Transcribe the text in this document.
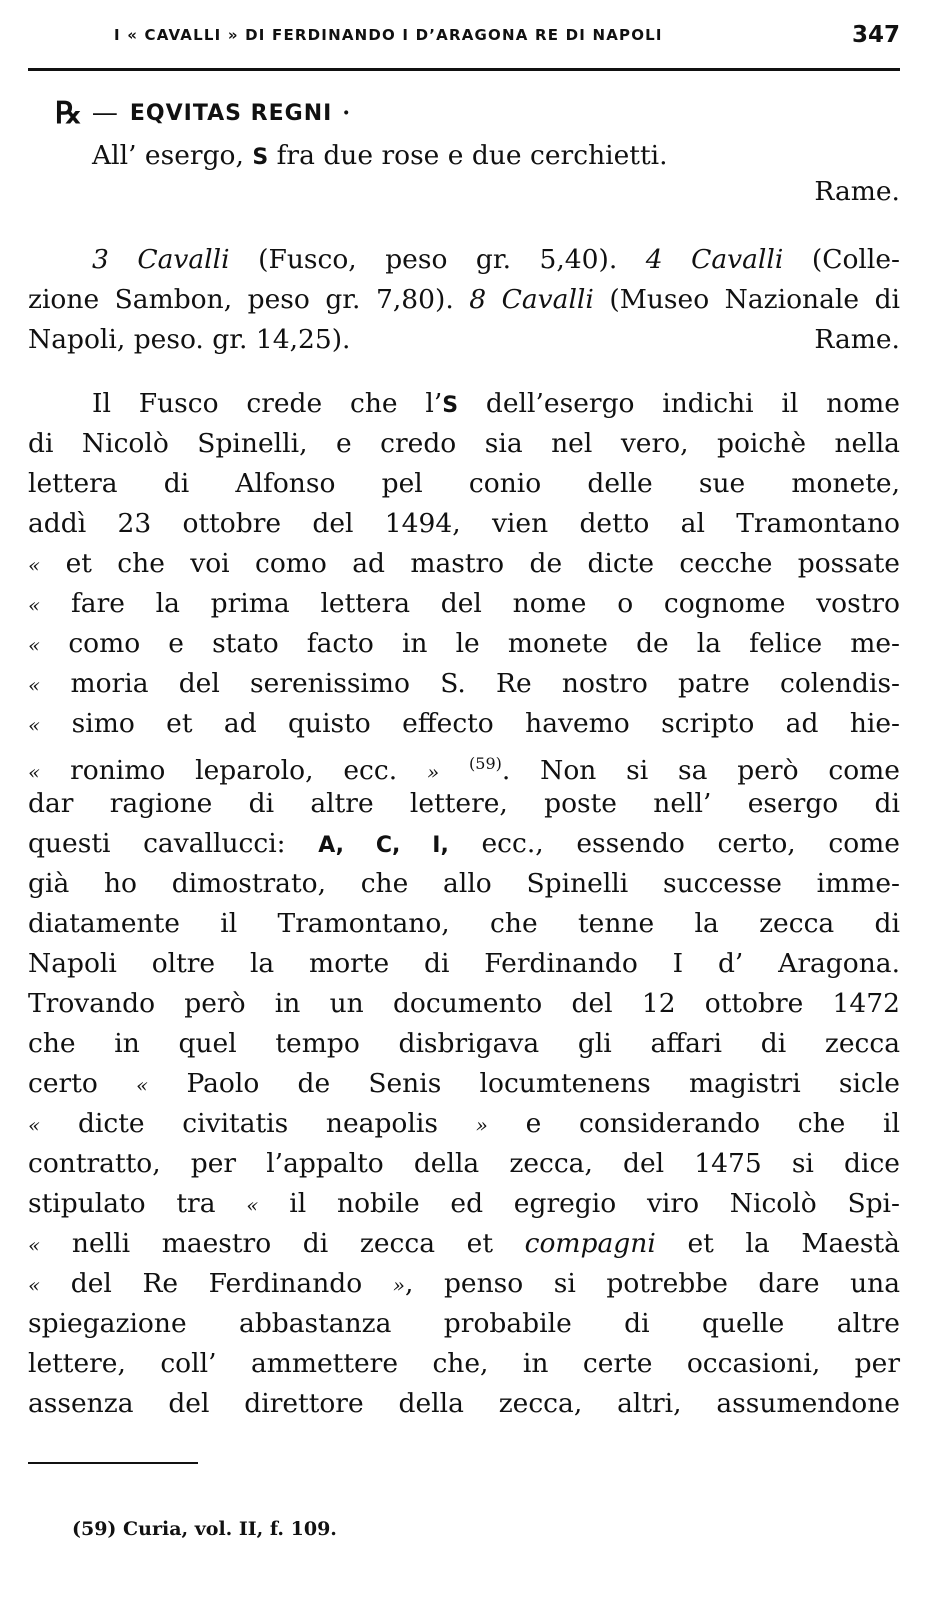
I « CAVALLI » DI FERDINANDO I D’ARAGONA RE DI NAPOLI	347
℞ — EQVITAS REGNI ·

All’ esergo, S fra due rose e due cerchietti.

Rame.

3 Cavalli (Fusco, peso gr. 5,40). 4 Cavalli (Colle-

zione Sambon, peso gr. 7,80). 8 Cavalli (Museo Nazionale di

Napoli, peso. gr. 14,25).	Rame.

Il Fusco crede che l’S dell’esergo indichi il nome

di Nicolò Spinelli, e credo sia nel vero, poichè nella

lettera di Alfonso pel conio delle sue monete,

addì 23 ottobre del 1494, vien detto al Tramontano

« et che voi como ad mastro de dicte cecche possate

« fare la prima lettera del nome o cognome vostro

« como e stato facto in le monete de la felice me-

« moria del serenissimo S. Re nostro patre colendis-

« simo et ad quisto effecto havemo scripto ad hie-

« ronimo leparolo, ecc. » $^{(59)}$. Non si sa però come

dar ragione di altre lettere, poste nell’ esergo di

questi cavallucci: A, C, I, ecc., essendo certo, come

già ho dimostrato, che allo Spinelli successe imme-

diatamente il Tramontano, che tenne la zecca di

Napoli oltre la morte di Ferdinando I d’ Aragona.

Trovando però in un documento del 12 ottobre 1472

che in quel tempo disbrigava gli affari di zecca

certo « Paolo de Senis locumtenens magistri sicle

« dicte civitatis neapolis » e considerando che il

contratto, per l’appalto della zecca, del 1475 si dice

stipulato tra « il nobile ed egregio viro Nicolò Spi-

« nelli maestro di zecca et compagni et la Maestà

« del Re Ferdinando », penso si potrebbe dare una

spiegazione abbastanza probabile di quelle altre

lettere, coll’ ammettere che, in certe occasioni, per

assenza del direttore della zecca, altri, assumendone

(59) Curia, vol. II, f. 109.
